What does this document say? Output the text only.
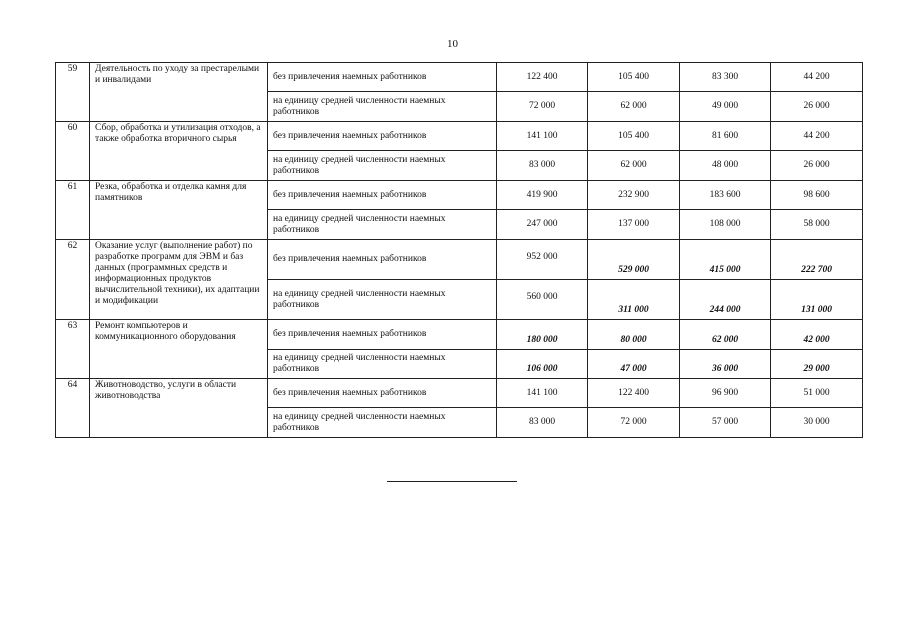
10
59	Деятельность по уходу за престарелыми и инвалидами	без привлечения наемных работников	122 400	105 400	83 300	44 200
		на единицу средней численности наемных работников	72 000	62 000	49 000	26 000
60	Сбор, обработка и утилизация отходов, а также обработка вторичного сырья	без привлечения наемных работников	141 100	105 400	81 600	44 200
		на единицу средней численности наемных работников	83 000	62 000	48 000	26 000
61	Резка, обработка и отделка камня для памятников	без привлечения наемных работников	419 900	232 900	183 600	98 600
		на единицу средней численности наемных работников	247 000	137 000	108 000	58 000
62	Оказание услуг (выполнение работ) по разработке программ для ЭВМ и баз данных (программных средств и информационных продуктов вычислительной техники), их адаптации и модификации	без привлечения наемных работников	952 000	529 000	415 000	222 700
		на единицу средней численности наемных работников	560 000	311 000	244 000	131 000
63	Ремонт компьютеров и коммуникационного оборудования	без привлечения наемных работников	180 000	80 000	62 000	42 000
		на единицу средней численности наемных работников	106 000	47 000	36 000	29 000
64	Животноводство, услуги в области животноводства	без привлечения наемных работников	141 100	122 400	96 900	51 000
		на единицу средней численности наемных работников	83 000	72 000	57 000	30 000
